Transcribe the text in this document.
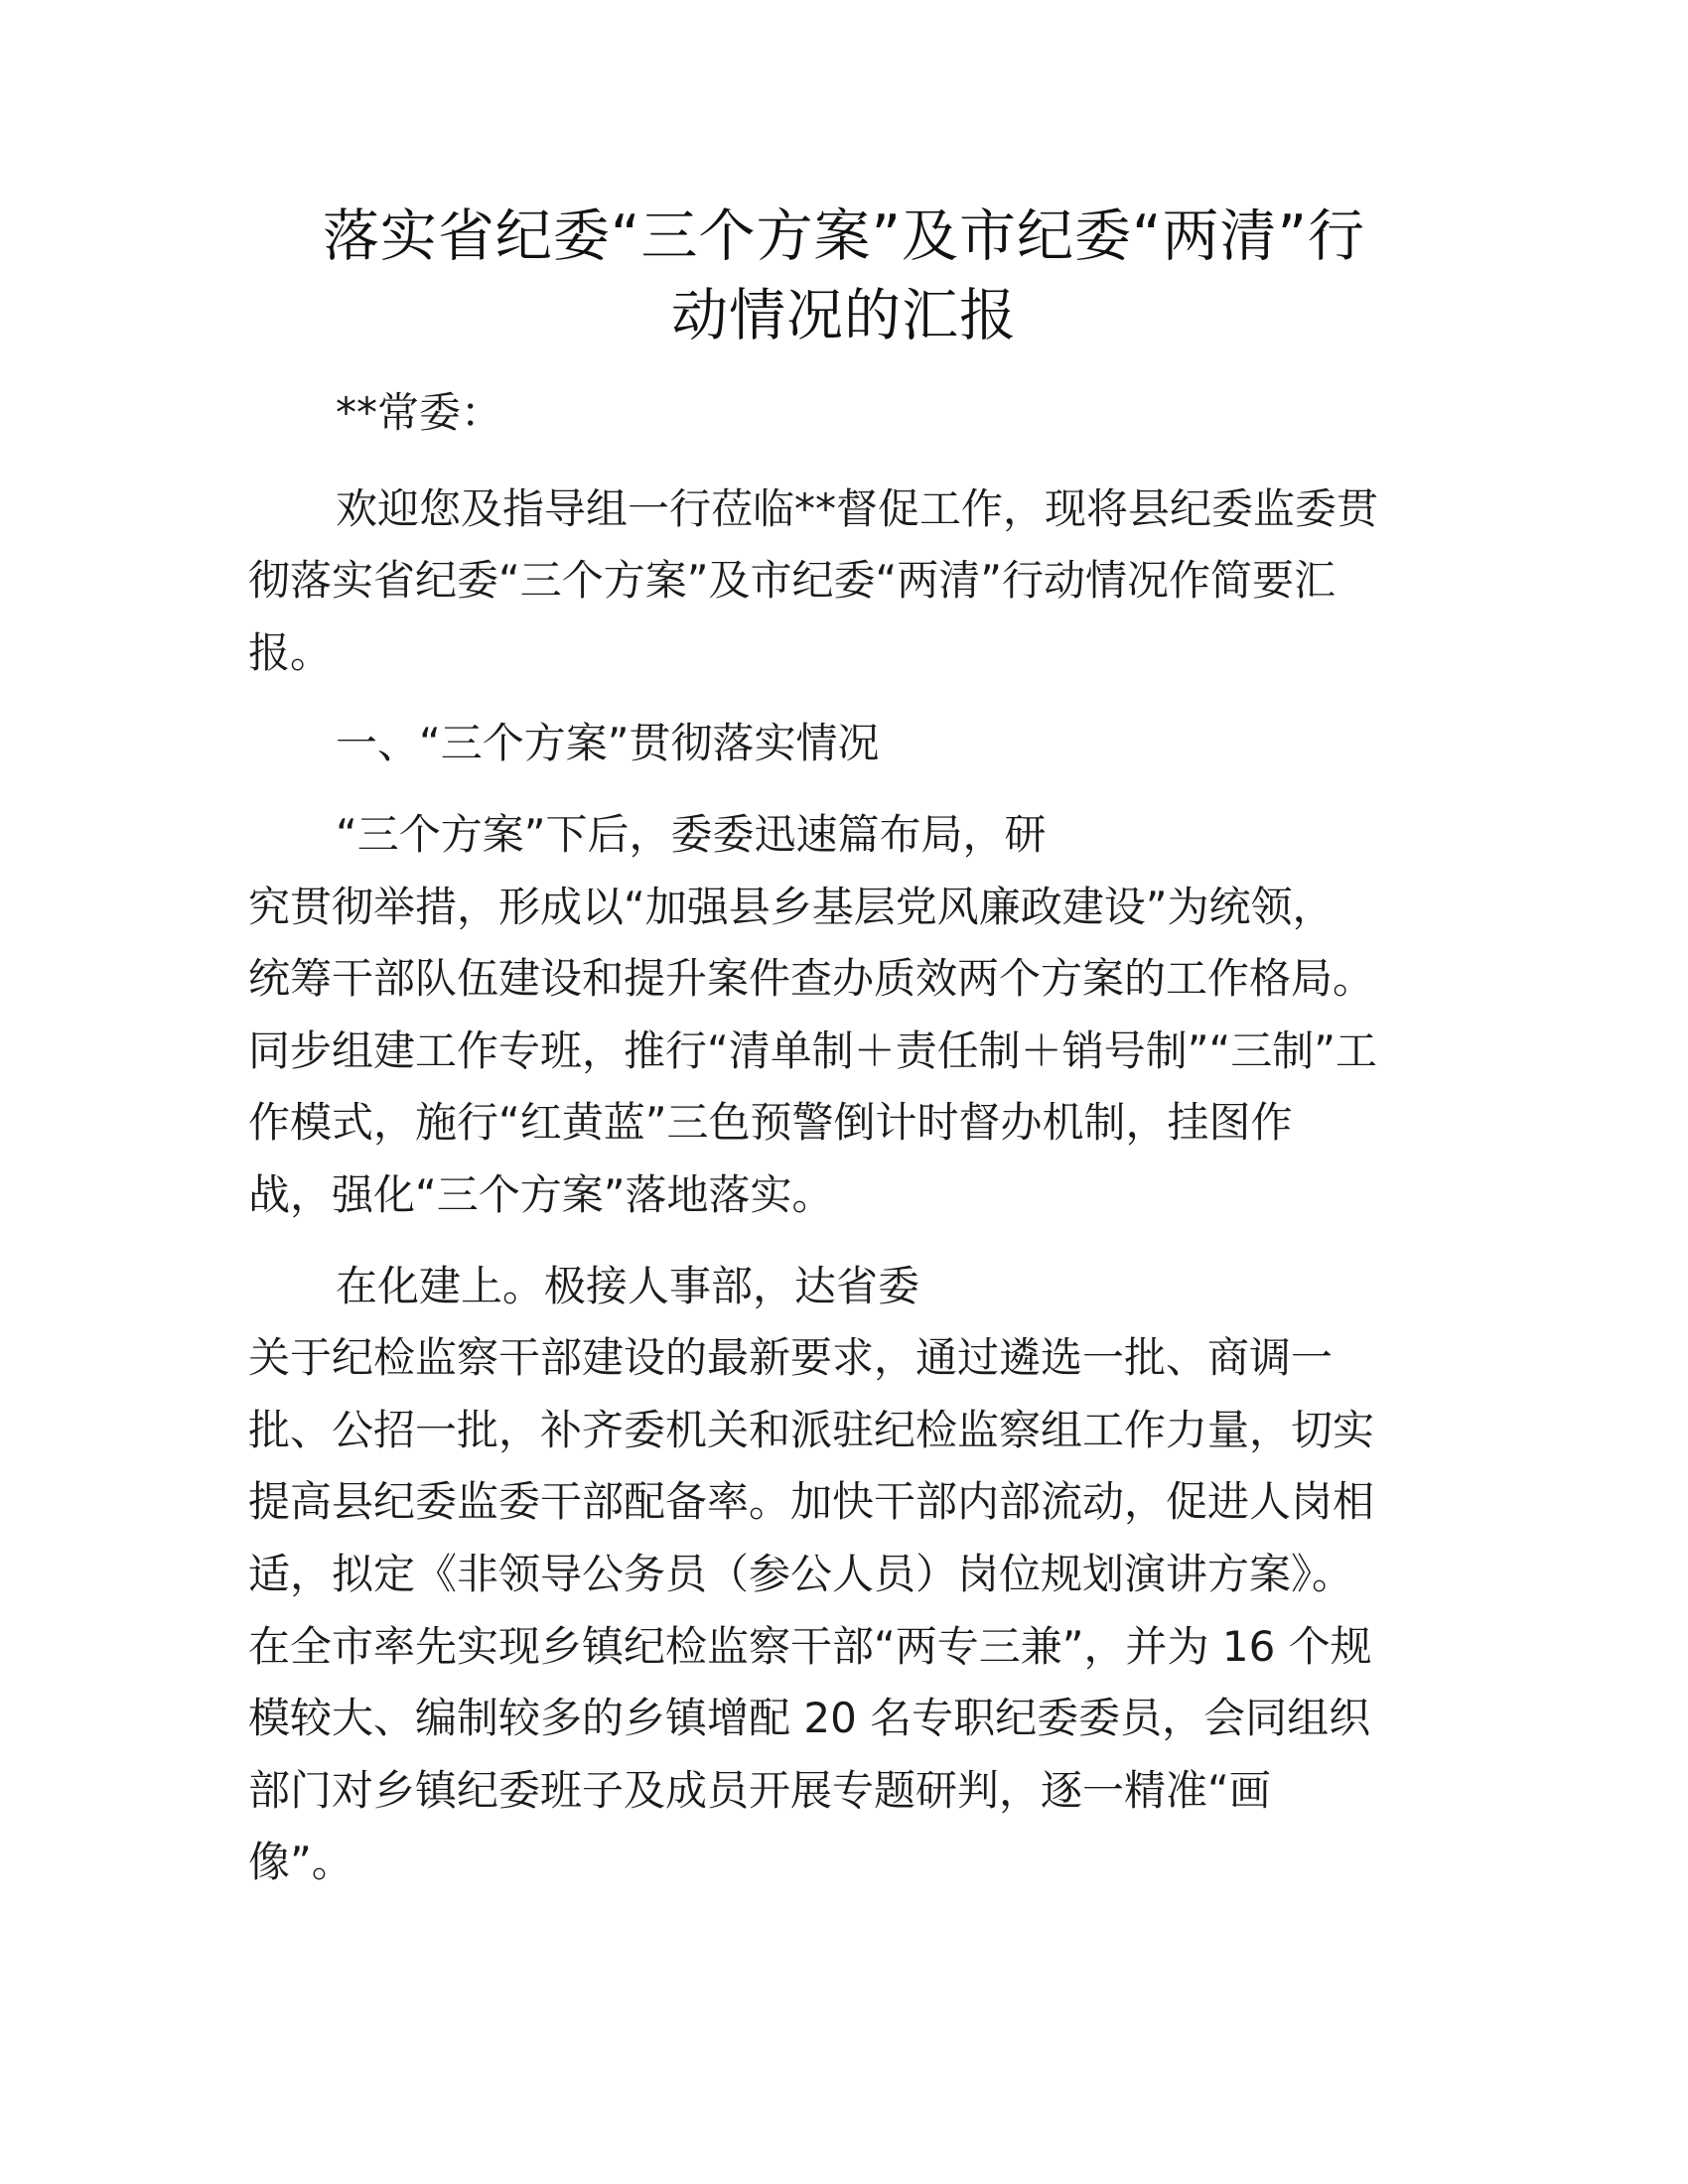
落实省纪委“三个方案”及市纪委“两清”行
动情况的汇报

**常委：

欢迎您及指导组一行莅临**督促工作，现将县纪委监委贯
彻落实省纪委“三个方案”及市纪委“两清”行动情况作简要汇
报。

一、“三个方案”贯彻落实情况

“三个方案”下后，委委迅速篇布局，研
究贯彻举措，形成以“加强县乡基层党风廉政建设”为统领，
统筹干部队伍建设和提升案件查办质效两个方案的工作格局。
同步组建工作专班，推行“清单制＋责任制＋销号制”“三制”工
作模式，施行“红黄蓝”三色预警倒计时督办机制，挂图作
战，强化“三个方案”落地落实。

在化建上。极接人事部，达省委
关于纪检监察干部建设的最新要求，通过遴选一批、商调一
批、公招一批，补齐委机关和派驻纪检监察组工作力量，切实
提高县纪委监委干部配备率。加快干部内部流动，促进人岗相
适，拟定《非领导公务员（参公人员）岗位规划演讲方案》。
在全市率先实现乡镇纪检监察干部“两专三兼”，并为 16 个规
模较大、编制较多的乡镇增配 20 名专职纪委委员，会同组织
部门对乡镇纪委班子及成员开展专题研判，逐一精准“画
像”。
